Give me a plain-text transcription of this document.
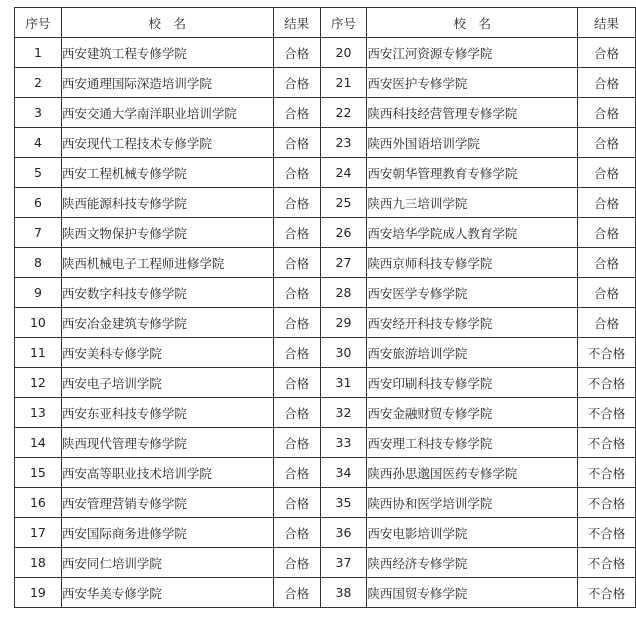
序号	校　名	结果	序号	校　名	结果
1	西安建筑工程专修学院	合格	20	西安江河资源专修学院	合格
2	西安通理国际深造培训学院	合格	21	西安医护专修学院	合格
3	西安交通大学南洋职业培训学院	合格	22	陕西科技经营管理专修学院	合格
4	西安现代工程技术专修学院	合格	23	陕西外国语培训学院	合格
5	西安工程机械专修学院	合格	24	西安朝华管理教育专修学院	合格
6	陕西能源科技专修学院	合格	25	陕西九三培训学院	合格
7	陕西文物保护专修学院	合格	26	西安培华学院成人教育学院	合格
8	陕西机械电子工程师进修学院	合格	27	陕西京师科技专修学院	合格
9	西安数字科技专修学院	合格	28	西安医学专修学院	合格
10	西安冶金建筑专修学院	合格	29	西安经开科技专修学院	合格
11	西安美科专修学院	合格	30	西安旅游培训学院	不合格
12	西安电子培训学院	合格	31	西安印刷科技专修学院	不合格
13	西安东亚科技专修学院	合格	32	西安金融财贸专修学院	不合格
14	陕西现代管理专修学院	合格	33	西安理工科技专修学院	不合格
15	西安高等职业技术培训学院	合格	34	陕西孙思邈国医药专修学院	不合格
16	西安管理营销专修学院	合格	35	陕西协和医学培训学院	不合格
17	西安国际商务进修学院	合格	36	西安电影培训学院	不合格
18	西安同仁培训学院	合格	37	陕西经济专修学院	不合格
19	西安华美专修学院	合格	38	陕西国贸专修学院	不合格
